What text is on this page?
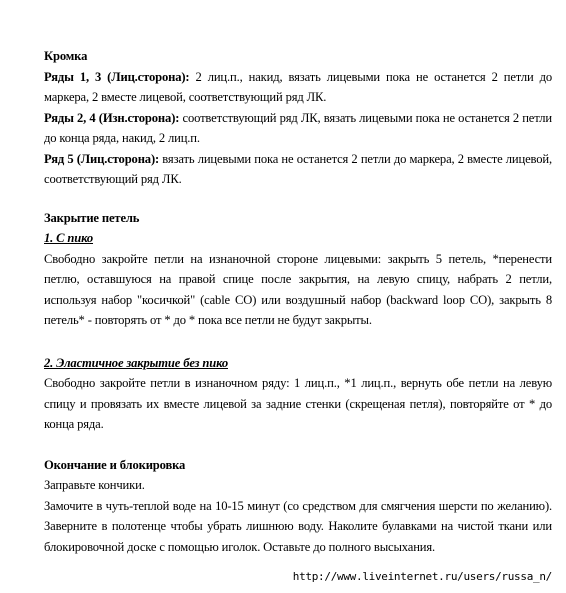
Кромка

Ряды 1, 3 (Лиц.сторона): 2 лиц.п., накид, вязать лицевыми пока не останется 2 петли до маркера, 2 вместе лицевой, соответствующий ряд ЛК.

Ряды 2, 4 (Изн.сторона): соответствующий ряд ЛК, вязать лицевыми пока не останется 2 петли до конца ряда, накид, 2 лиц.п.

Ряд 5 (Лиц.сторона): вязать лицевыми пока не останется 2 петли до маркера, 2 вместе лицевой, соответствующий ряд ЛК.

Закрытие петель

1. С пико

Свободно закройте петли на изнаночной стороне лицевыми: закрыть 5 петель, *перенести петлю, оставшуюся на правой спице после закрытия, на левую спицу, набрать 2 петли, используя набор "косичкой" (cable CO) или воздушный набор (backward loop CO), закрыть 8 петель* - повторять от * до * пока все петли не будут закрыты.

2. Эластичное закрытие без пико

Свободно закройте петли в изнаночном ряду: 1 лиц.п., *1 лиц.п., вернуть обе петли на левую спицу и провязать их вместе лицевой за задние стенки (скрещеная петля), повторяйте от * до конца ряда.

Окончание и блокировка

Заправьте кончики.

Замочите в чуть-теплой воде на 10-15 минут (со средством для смягчения шерсти по желанию). Заверните в полотенце чтобы убрать лишнюю воду. Наколите булавками на чистой ткани или блокировочной доске с помощью иголок. Оставьте до полного высыхания.

http://www.liveinternet.ru/users/russa_n/
